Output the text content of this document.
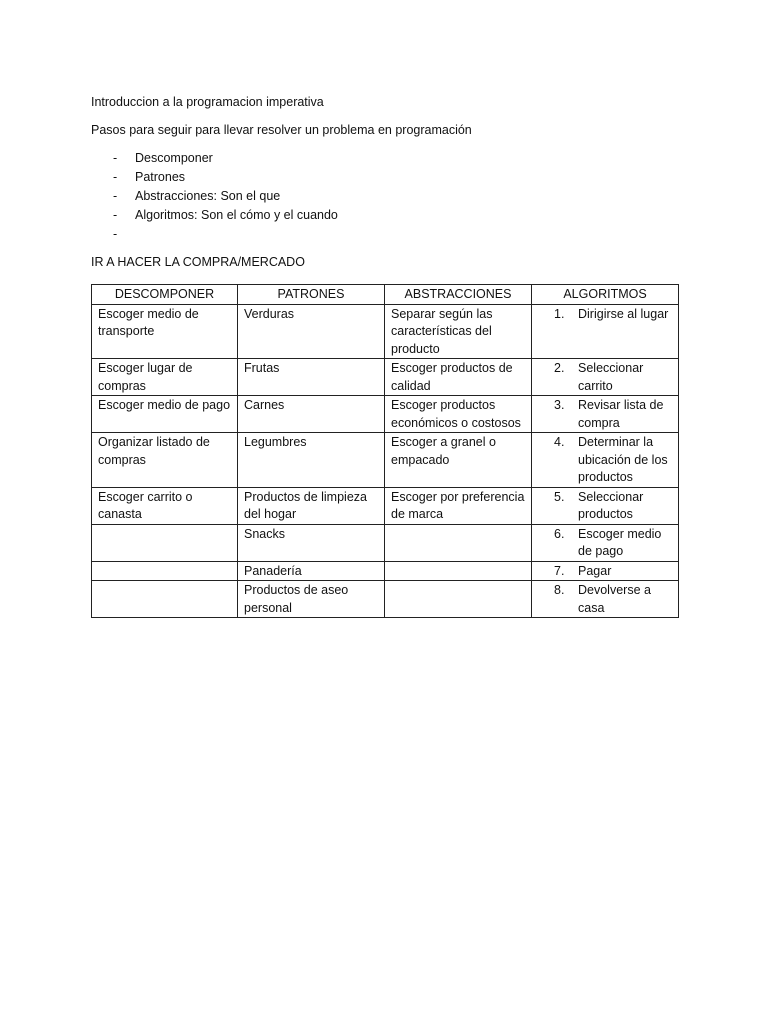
Introduccion a la programacion imperativa
Pasos para seguir para llevar resolver un problema en programación
-	Descomponer
-	Patrones
-	Abstracciones: Son el que
-	Algoritmos: Son el cómo y el cuando
-
IR A HACER LA COMPRA/MERCADO
DESCOMPONER	PATRONES	ABSTRACCIONES	ALGORITMOS
Escoger medio de transporte	Verduras	Separar según las características del producto	1. Dirigirse al lugar

Escoger lugar de compras	Frutas	Escoger productos de calidad	2. Seleccionar carrito

Escoger medio de pago	Carnes	Escoger productos económicos o costosos	3. Revisar lista de compra

Organizar listado de compras	Legumbres	Escoger a granel o empacado	4. Determinar la ubicación de los productos

Escoger carrito o canasta	Productos de limpieza del hogar	Escoger por preferencia de marca	5. Seleccionar productos

	Snacks		6. Escoger medio de pago

	Panadería		7. Pagar

	Productos de aseo personal		8. Devolverse a casa
